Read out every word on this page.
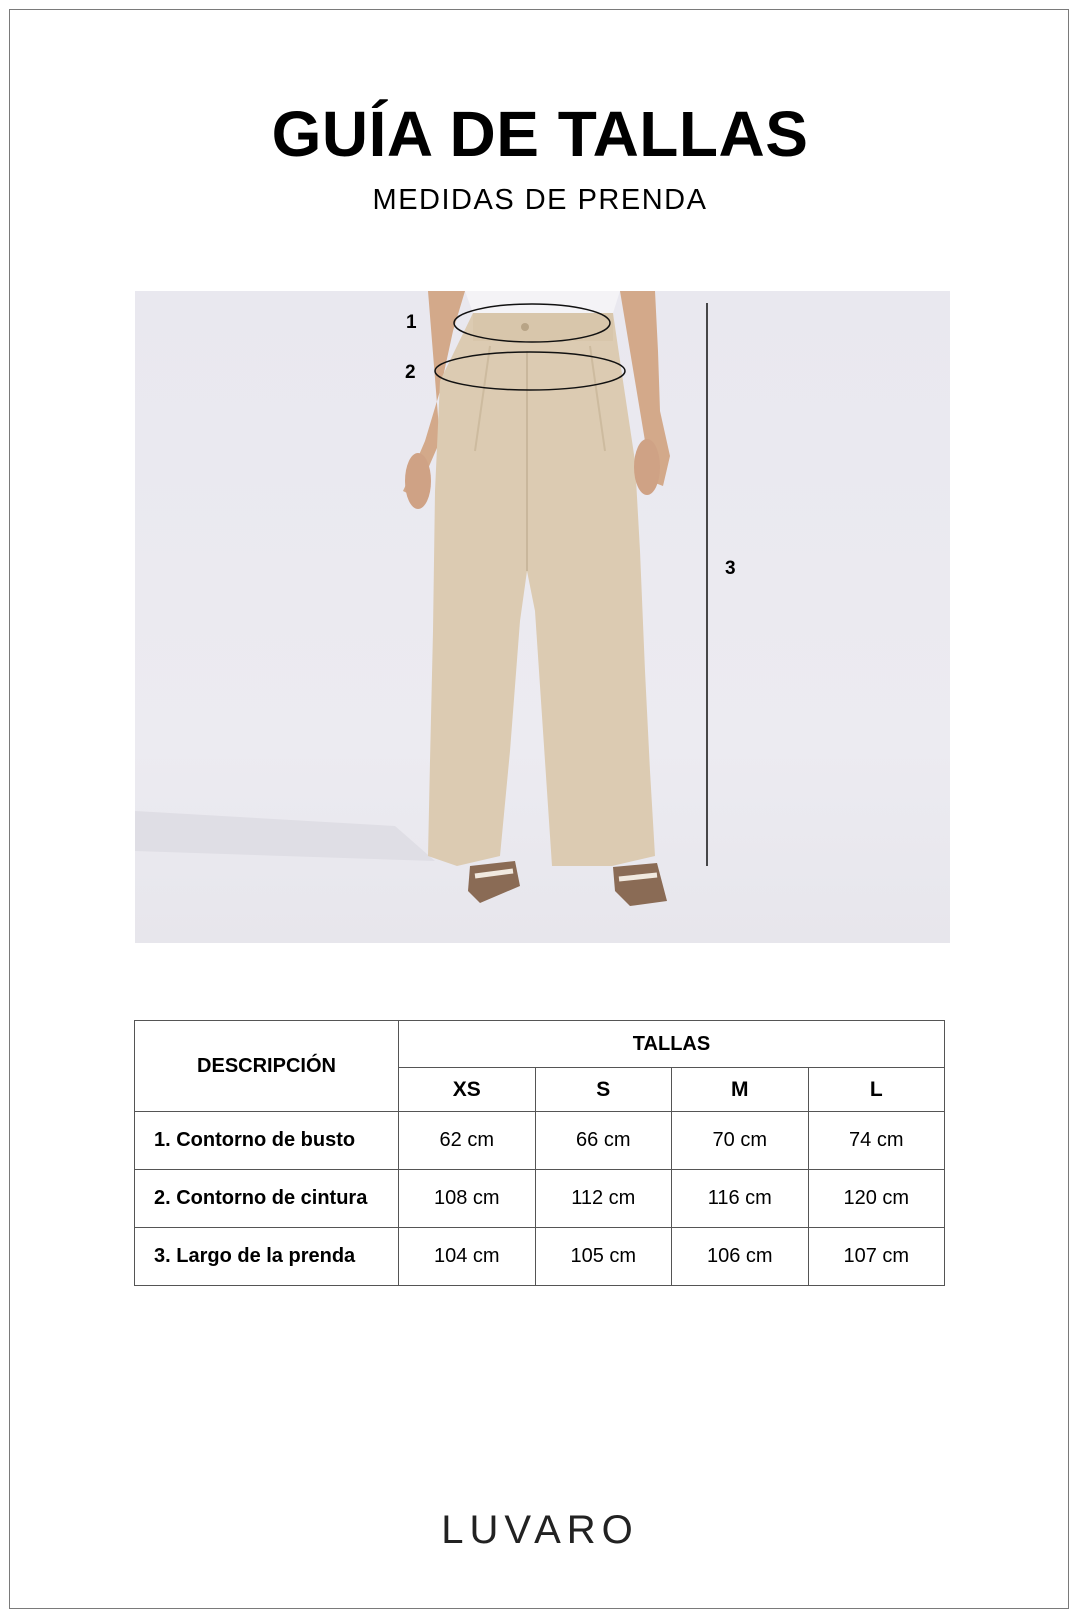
GUÍA DE TALLAS
MEDIDAS DE PRENDA
1
2
3
DESCRIPCIÓN	TALLAS			
	XS	S	M	L
1. Contorno de busto	62 cm	66 cm	70 cm	74 cm
2. Contorno de cintura	108 cm	112 cm	116 cm	120 cm
3. Largo de la prenda	104 cm	105 cm	106 cm	107 cm
LUVARO
